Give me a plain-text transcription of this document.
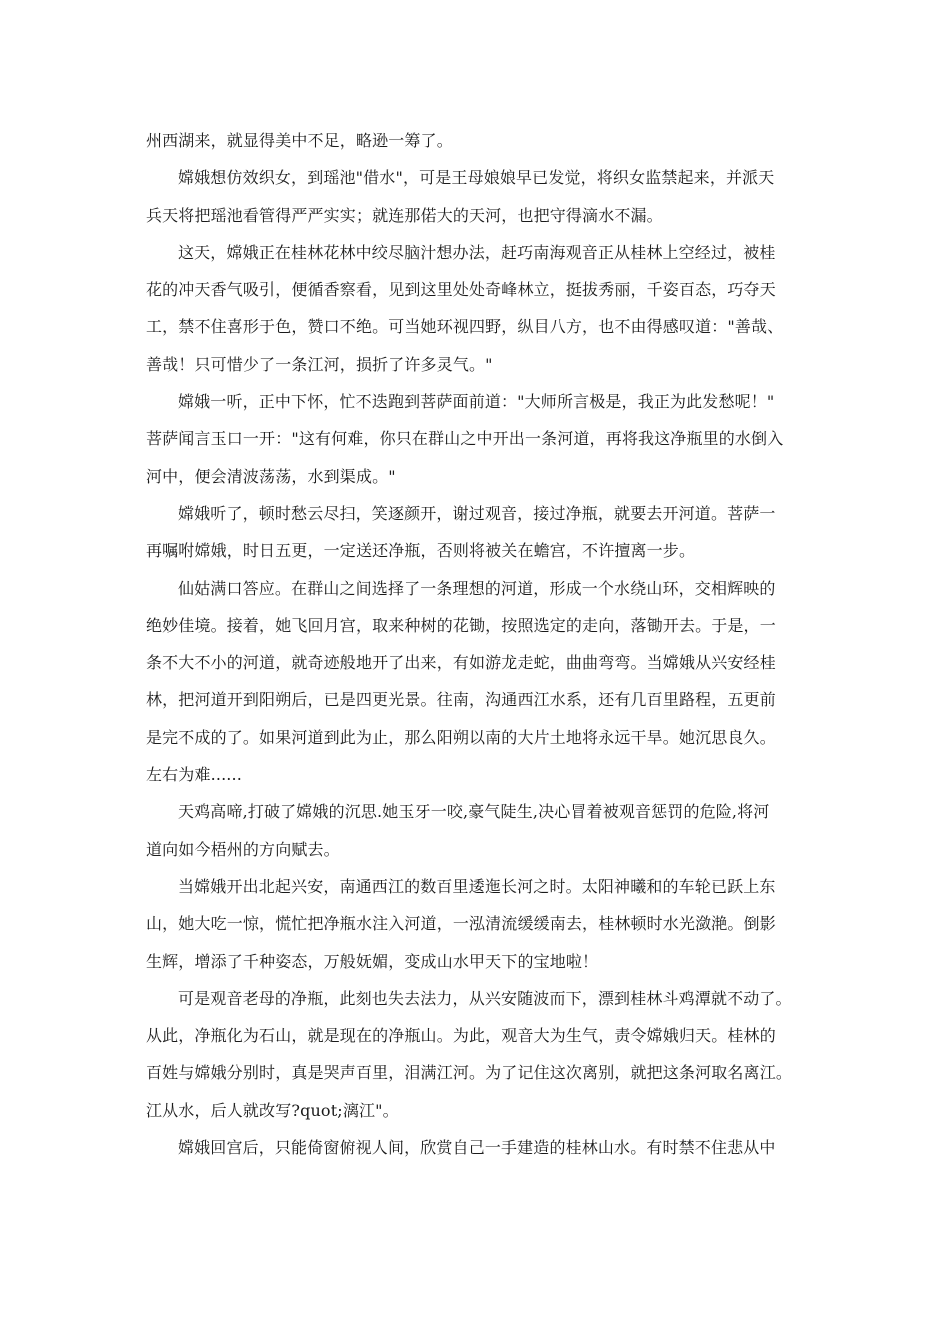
州西湖来，就显得美中不足，略逊一筹了。
嫦娥想仿效织女，到瑶池"借水"，可是王母娘娘早已发觉，将织女监禁起来，并派天
兵天将把瑶池看管得严严实实；就连那偌大的天河，也把守得滴水不漏。
这天，嫦娥正在桂林花林中绞尽脑汁想办法，赶巧南海观音正从桂林上空经过，被桂
花的冲天香气吸引，便循香察看，见到这里处处奇峰林立，挺拔秀丽，千姿百态，巧夺天
工，禁不住喜形于色，赞口不绝。可当她环视四野，纵目八方，也不由得感叹道："善哉、
善哉！只可惜少了一条江河，损折了许多灵气。"
嫦娥一听，正中下怀，忙不迭跑到菩萨面前道："大师所言极是，我正为此发愁呢！"
菩萨闻言玉口一开："这有何难，你只在群山之中开出一条河道，再将我这净瓶里的水倒入
河中，便会清波荡荡，水到渠成。"
嫦娥听了，顿时愁云尽扫，笑逐颜开，谢过观音，接过净瓶，就要去开河道。菩萨一
再嘱咐嫦娥，时日五更，一定送还净瓶，否则将被关在蟾宫，不许擅离一步。
仙姑满口答应。在群山之间选择了一条理想的河道，形成一个水绕山环，交相辉映的
绝妙佳境。接着，她飞回月宫，取来种树的花锄，按照选定的走向，落锄开去。于是，一
条不大不小的河道，就奇迹般地开了出来，有如游龙走蛇，曲曲弯弯。当嫦娥从兴安经桂
林，把河道开到阳朔后，已是四更光景。往南，沟通西江水系，还有几百里路程，五更前
是完不成的了。如果河道到此为止，那么阳朔以南的大片土地将永远干旱。她沉思良久。
左右为难......
天鸡高啼,打破了嫦娥的沉思.她玉牙一咬,豪气陡生,决心冒着被观音惩罚的危险,将河
道向如今梧州的方向赋去。
当嫦娥开出北起兴安，南通西江的数百里逶迤长河之时。太阳神曦和的车轮已跃上东
山，她大吃一惊，慌忙把净瓶水注入河道，一泓清流缓缓南去，桂林顿时水光潋滟。倒影
生辉，增添了千种姿态，万般妩媚，变成山水甲天下的宝地啦！
可是观音老母的净瓶，此刻也失去法力，从兴安随波而下，漂到桂林斗鸡潭就不动了。
从此，净瓶化为石山，就是现在的净瓶山。为此，观音大为生气，责令嫦娥归天。桂林的
百姓与嫦娥分别时，真是哭声百里，泪满江河。为了记住这次离别，就把这条河取名离江。
江从水，后人就改写?quot;漓江"。
嫦娥回宫后，只能倚窗俯视人间，欣赏自己一手建造的桂林山水。有时禁不住悲从中
